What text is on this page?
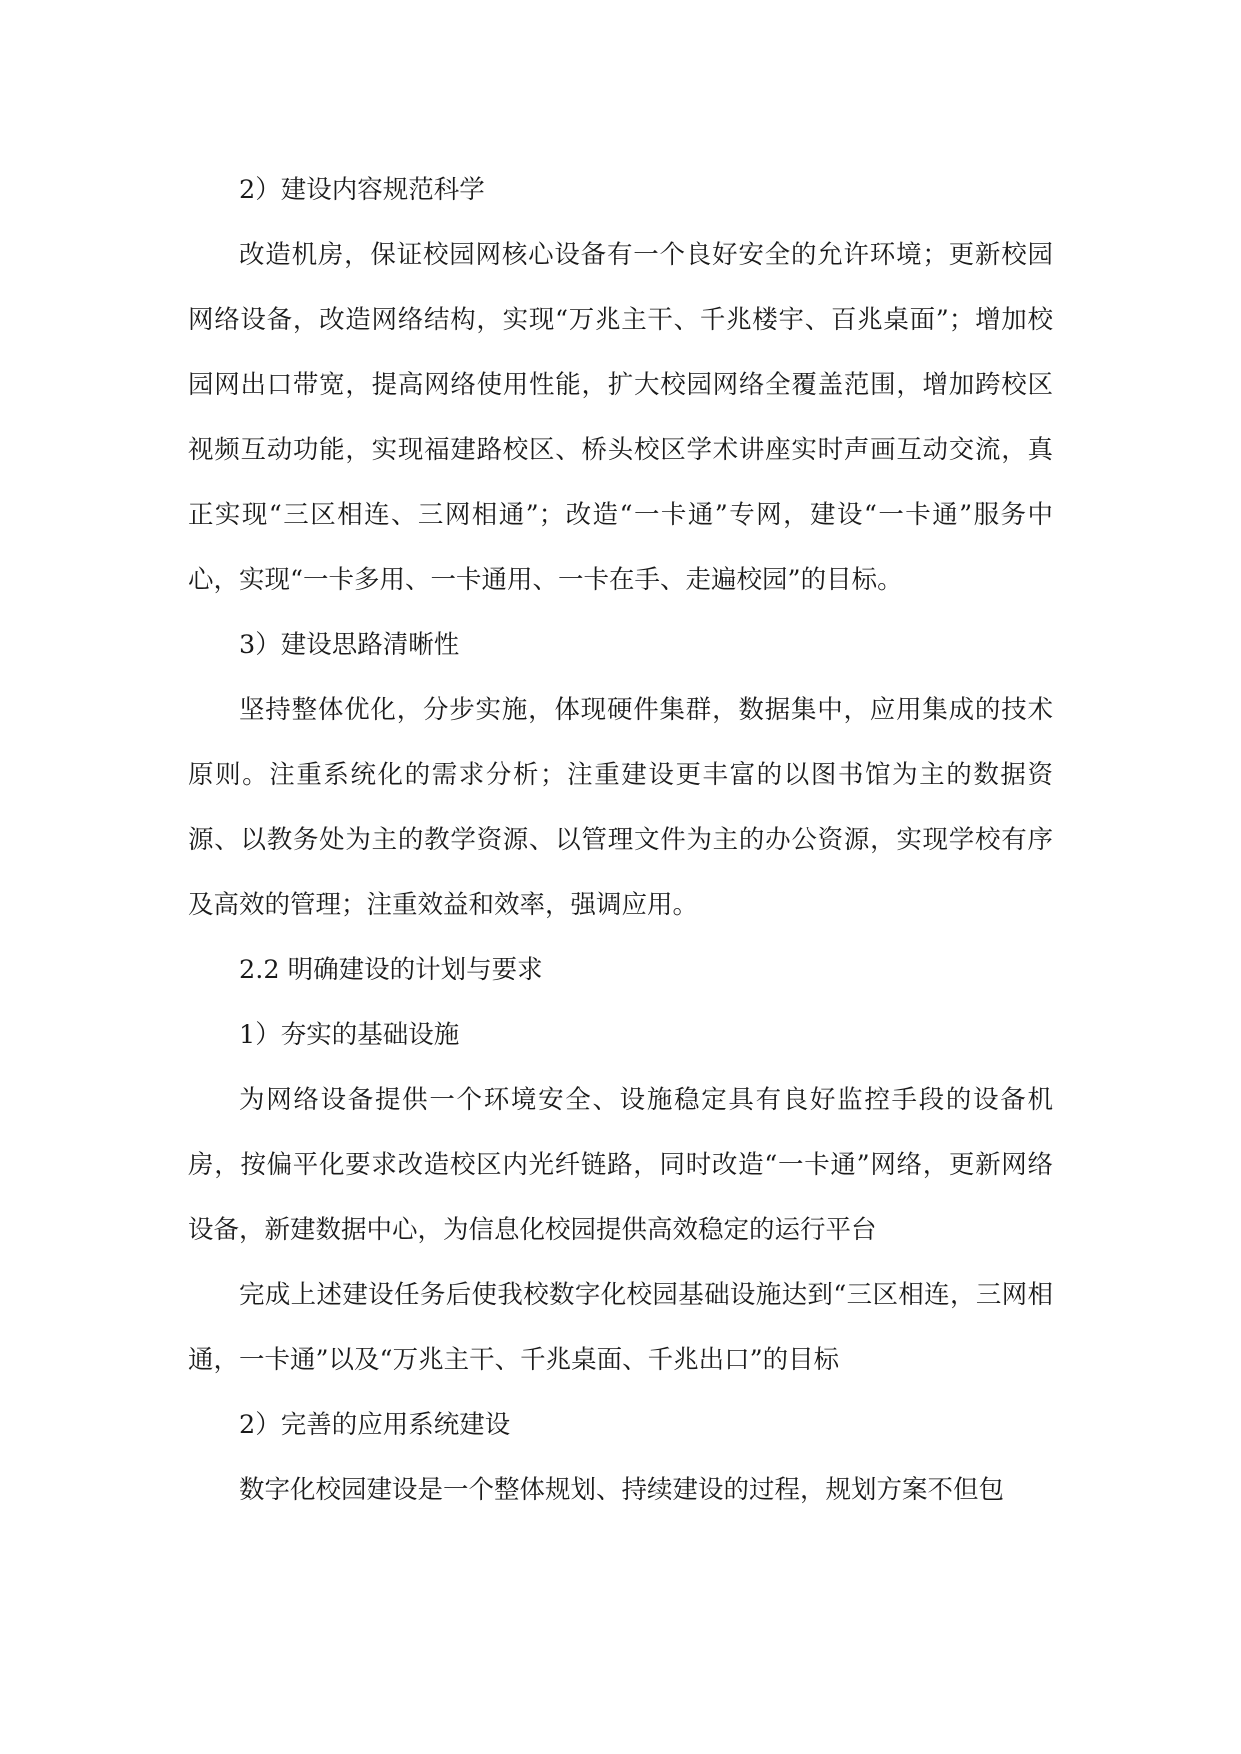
2）建设内容规范科学

改造机房，保证校园网核心设备有一个良好安全的允许环境；更新校园网络设备，改造网络结构，实现“万兆主干、千兆楼宇、百兆桌面”；增加校园网出口带宽，提高网络使用性能，扩大校园网络全覆盖范围，增加跨校区视频互动功能，实现福建路校区、桥头校区学术讲座实时声画互动交流，真正实现“三区相连、三网相通”；改造“一卡通”专网，建设“一卡通”服务中心，实现“一卡多用、一卡通用、一卡在手、走遍校园”的目标。

3）建设思路清晰性

坚持整体优化，分步实施，体现硬件集群，数据集中，应用集成的技术原则。注重系统化的需求分析；注重建设更丰富的以图书馆为主的数据资源、以教务处为主的教学资源、以管理文件为主的办公资源，实现学校有序及高效的管理；注重效益和效率，强调应用。

2.2 明确建设的计划与要求

1）夯实的基础设施

为网络设备提供一个环境安全、设施稳定具有良好监控手段的设备机房，按偏平化要求改造校区内光纤链路，同时改造“一卡通”网络，更新网络设备，新建数据中心，为信息化校园提供高效稳定的运行平台

完成上述建设任务后使我校数字化校园基础设施达到“三区相连，三网相通，一卡通”以及“万兆主干、千兆桌面、千兆出口”的目标

2）完善的应用系统建设

数字化校园建设是一个整体规划、持续建设的过程，规划方案不但包
